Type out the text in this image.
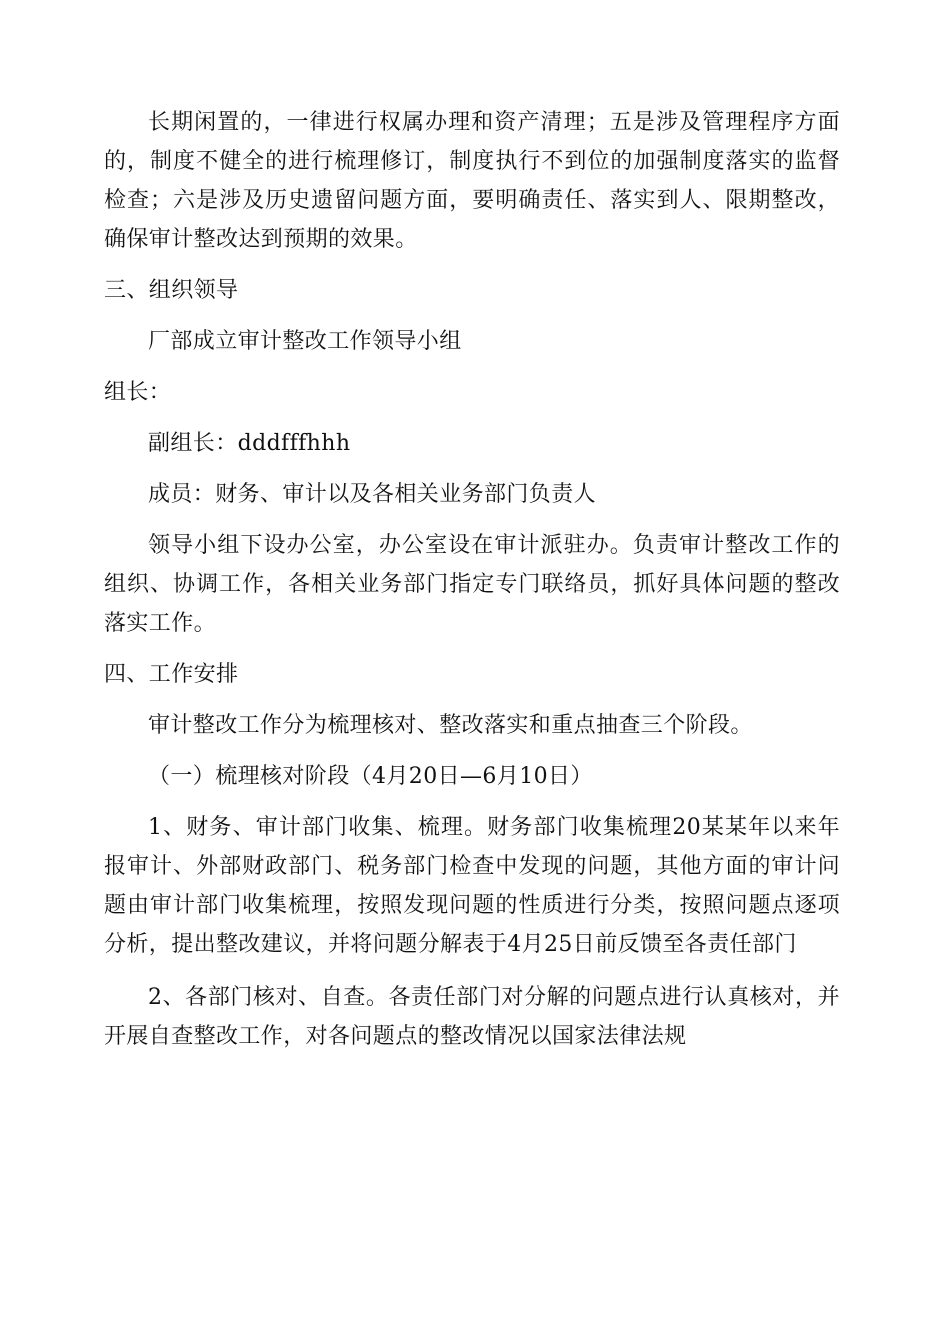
长期闲置的，一律进行权属办理和资产清理；五是涉及管理程序方面的，制度不健全的进行梳理修订，制度执行不到位的加强制度落实的监督检查；六是涉及历史遗留问题方面，要明确责任、落实到人、限期整改，确保审计整改达到预期的效果。

三、组织领导

厂部成立审计整改工作领导小组

组长：

副组长：dddfffhhh

成员：财务、审计以及各相关业务部门负责人

领导小组下设办公室，办公室设在审计派驻办。负责审计整改工作的组织、协调工作，各相关业务部门指定专门联络员，抓好具体问题的整改落实工作。

四、工作安排

审计整改工作分为梳理核对、整改落实和重点抽查三个阶段。

（一）梳理核对阶段（4月20日—6月10日）

1、财务、审计部门收集、梳理。财务部门收集梳理20某某年以来年报审计、外部财政部门、税务部门检查中发现的问题，其他方面的审计问题由审计部门收集梳理，按照发现问题的性质进行分类，按照问题点逐项分析，提出整改建议，并将问题分解表于4月25日前反馈至各责任部门

2、各部门核对、自查。各责任部门对分解的问题点进行认真核对，并开展自查整改工作，对各问题点的整改情况以国家法律法规
